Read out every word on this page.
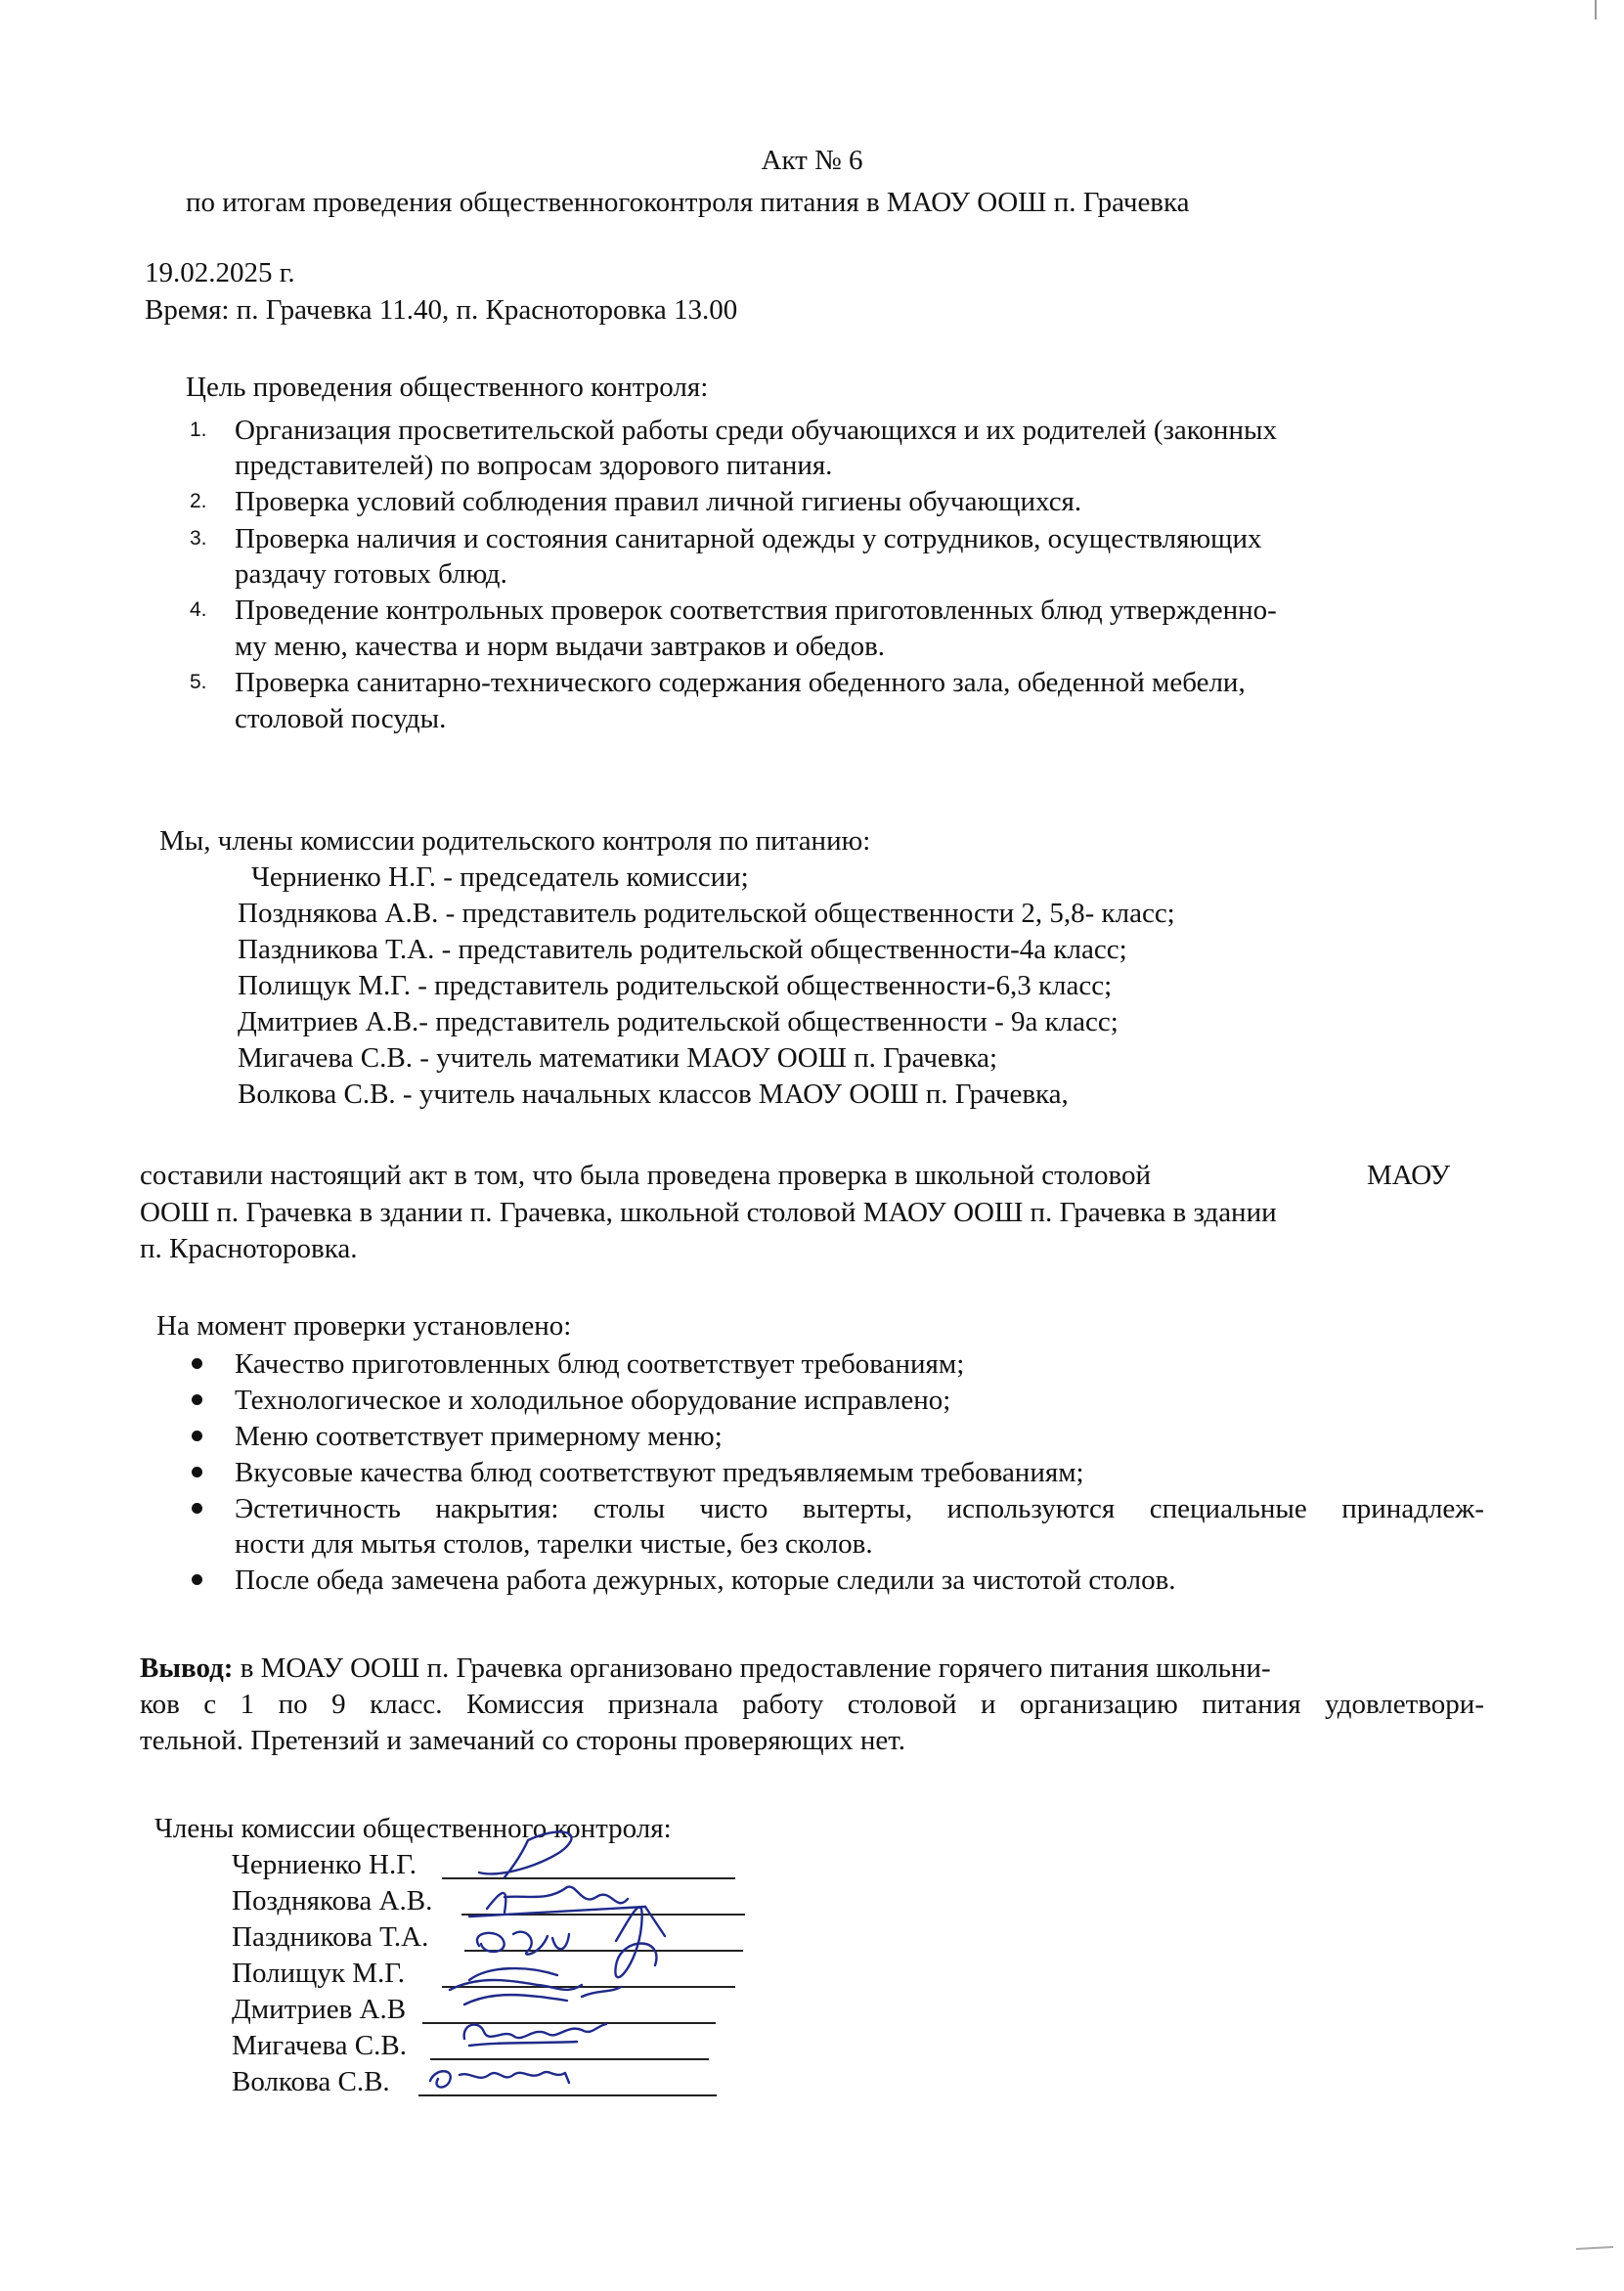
Акт № 6
по итогам проведения общественногоконтроля питания в МАОУ ООШ п. Грачевка
19.02.2025 г.
Время: п. Грачевка 11.40, п. Красноторовка 13.00
Цель проведения общественного контроля:
1. Организация просветительской работы среди обучающихся и их родителей (законных
представителей) по вопросам здорового питания.
2. Проверка условий соблюдения правил личной гигиены обучающихся.
3. Проверка наличия и состояния санитарной одежды у сотрудников, осуществляющих
раздачу готовых блюд.
4. Проведение контрольных проверок соответствия приготовленных блюд утвержденно-
му меню, качества и норм выдачи завтраков и обедов.
5. Проверка санитарно-технического содержания обеденного зала, обеденной мебели,
столовой посуды.
Мы, члены комиссии родительского контроля по питанию:
Черниенко Н.Г. - председатель комиссии;
Позднякова А.В. - представитель родительской общественности 2, 5,8- класс;
Паздникова Т.А. - представитель родительской общественности-4а класс;
Полищук М.Г. - представитель родительской общественности-6,3 класс;
Дмитриев А.В.- представитель родительской общественности - 9а класс;
Мигачева С.В. - учитель математики МАОУ ООШ п. Грачевка;
Волкова С.В. - учитель начальных классов МАОУ ООШ п. Грачевка,
составили настоящий акт в том, что была проведена проверка в школьной столовой	МАОУ
ООШ п. Грачевка в здании п. Грачевка, школьной столовой МАОУ ООШ п. Грачевка в здании
п. Красноторовка.
На момент проверки установлено:
Качество приготовленных блюд соответствует требованиям;
Технологическое и холодильное оборудование исправлено;
Меню соответствует примерному меню;
Вкусовые качества блюд соответствуют предъявляемым требованиям;
Эстетичность накрытия: столы чисто вытерты, используются специальные принадлеж-
ности для мытья столов, тарелки чистые, без сколов.
После обеда замечена работа дежурных, которые следили за чистотой столов.
Вывод: в МОАУ ООШ п. Грачевка организовано предоставление горячего питания школьни-
ков с 1 по 9 класс. Комиссия признала работу столовой и организацию питания удовлетвори-
тельной. Претензий и замечаний со стороны проверяющих нет.
Члены комиссии общественного контроля:
Черниенко Н.Г.
Позднякова А.В.
Паздникова Т.А.
Полищук М.Г.
Дмитриев А.В
Мигачева С.В.
Волкова С.В.
